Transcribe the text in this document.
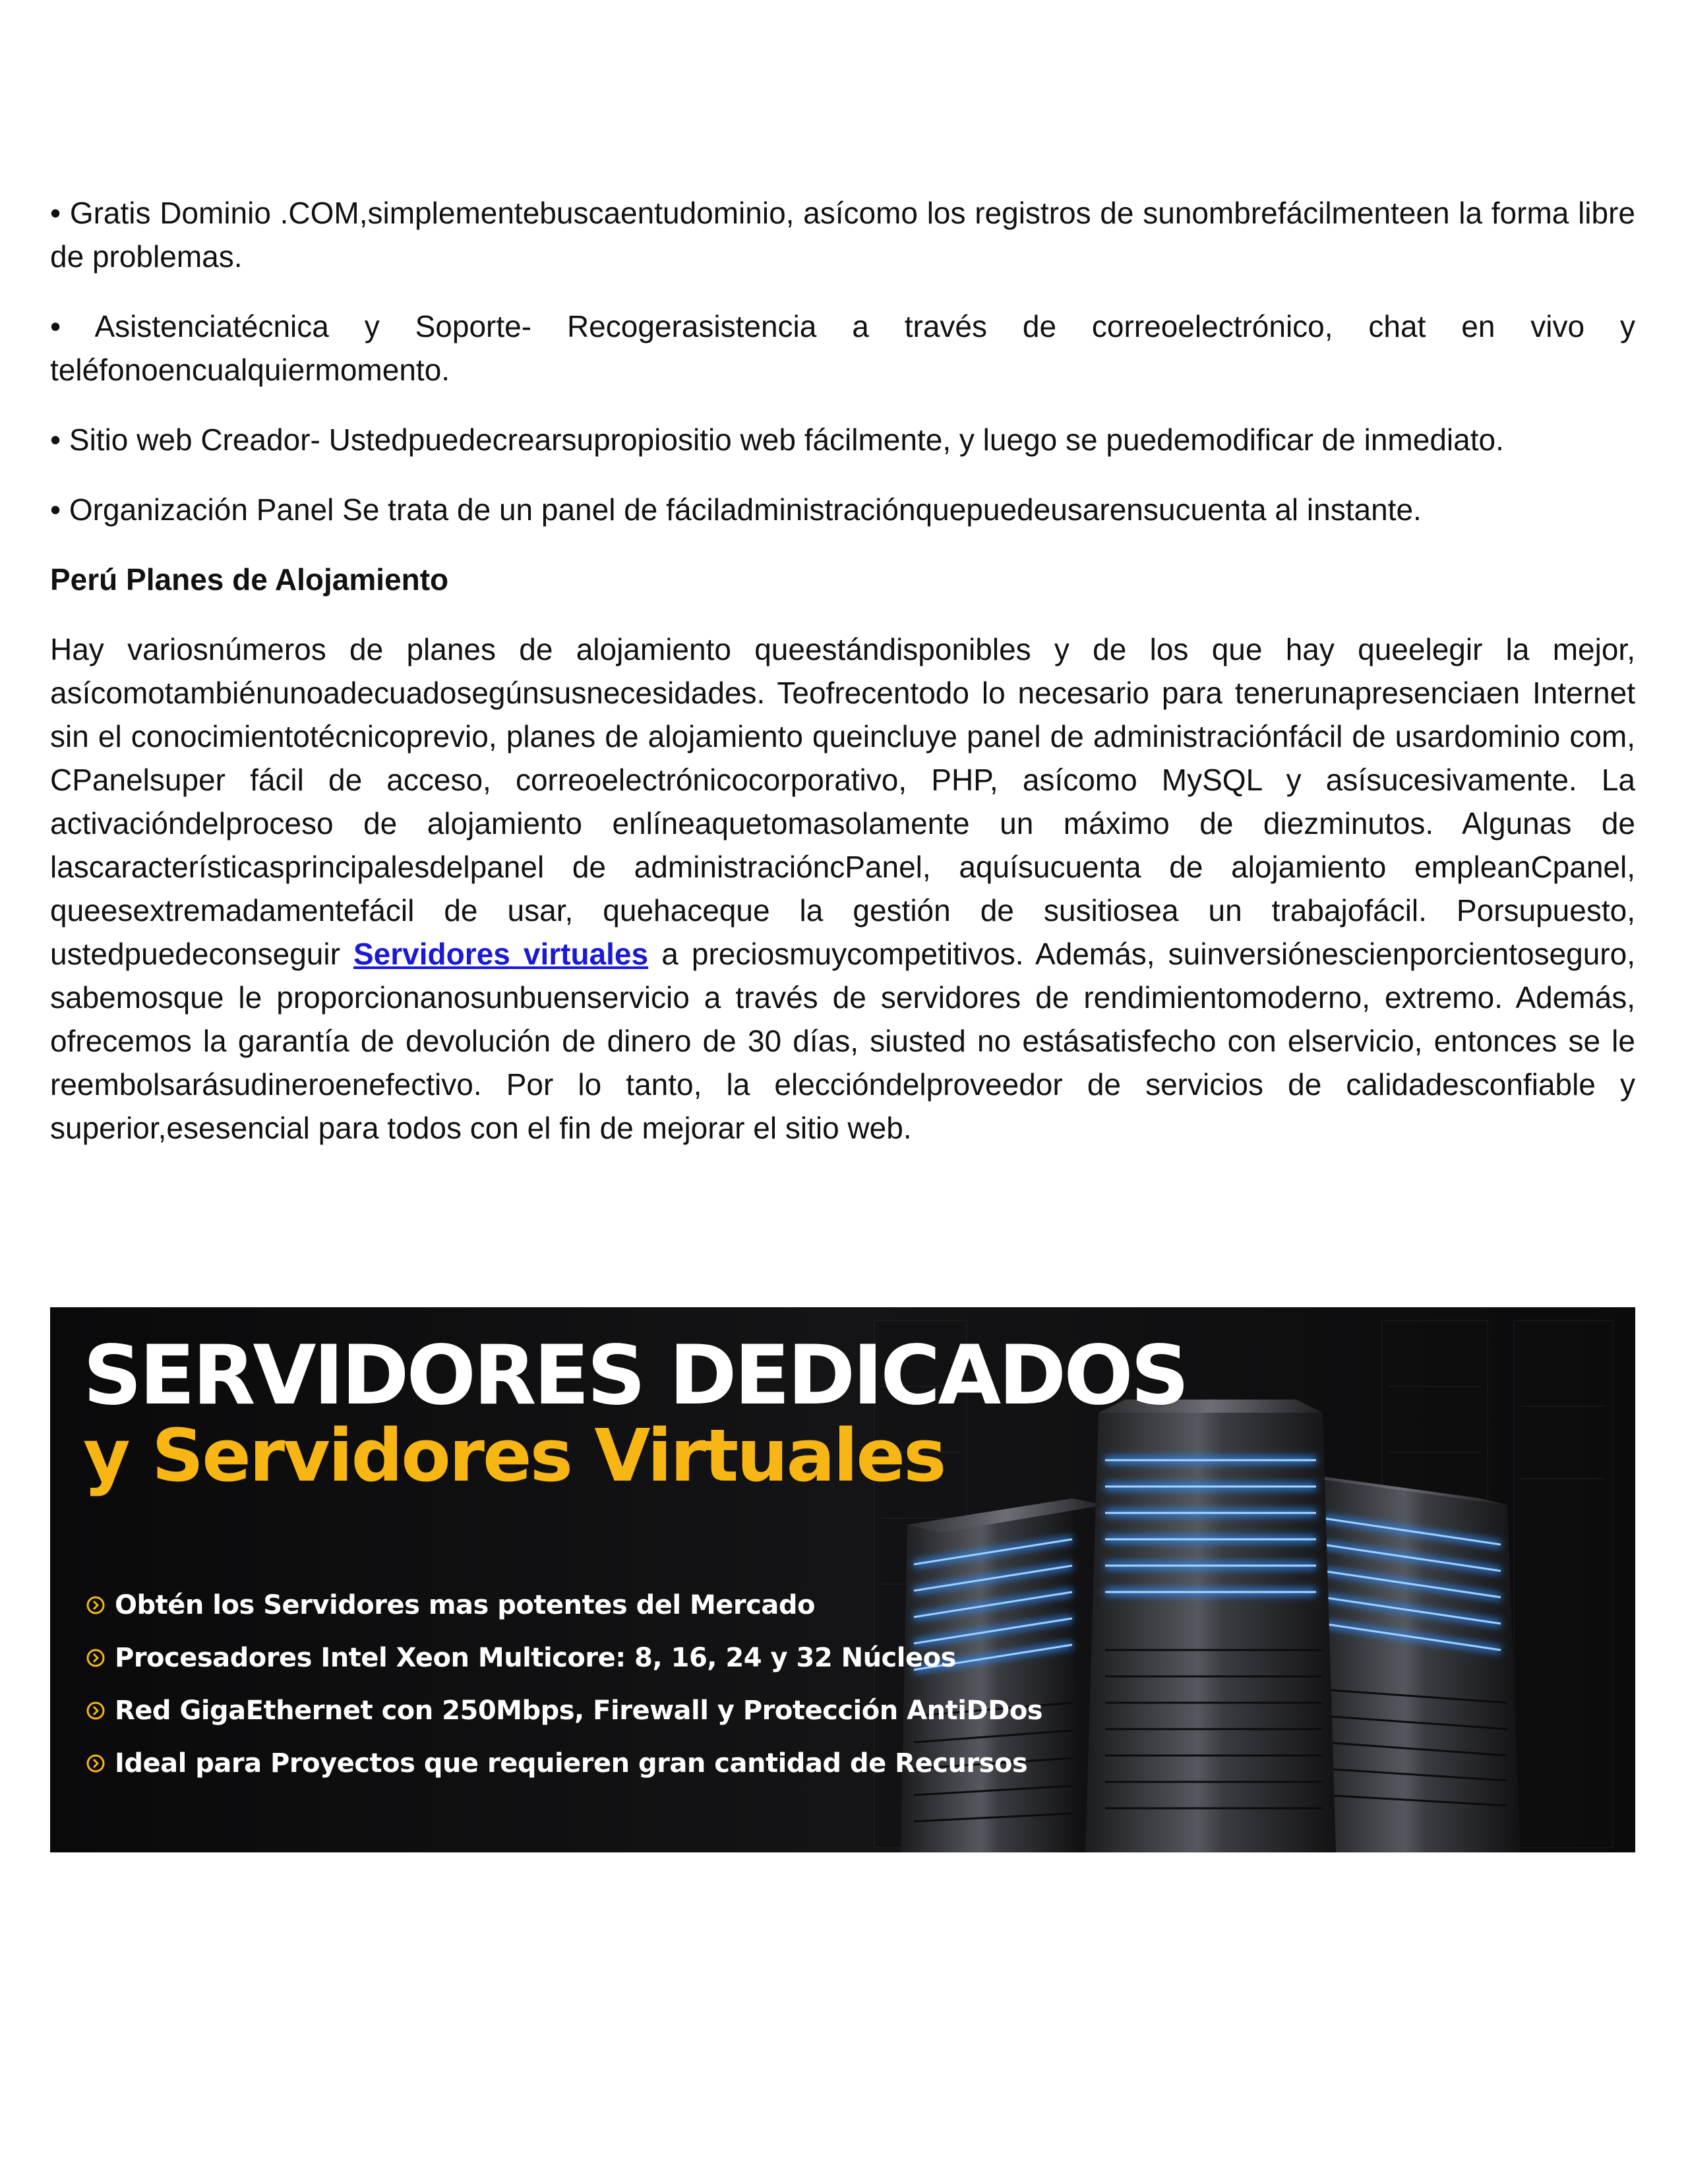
• Gratis Dominio .COM,simplementebuscaentudominio, asícomo los registros de sunombrefácilmenteen la forma libre de problemas.

• Asistenciatécnica y Soporte- Recogerasistencia a través de correoelectrónico, chat en vivo y teléfonoencualquiermomento.

• Sitio web Creador- Ustedpuedecrearsupropiositio web fácilmente, y luego se puedemodificar de inmediato.

• Organización Panel Se trata de un panel de fáciladministraciónquepuedeusarensucuenta al instante.

Perú Planes de Alojamiento

Hay variosnúmeros de planes de alojamiento queestándisponibles y de los que hay queelegir la mejor, asícomotambiénunoadecuadosegúnsusnecesidades. Teofrecentodo lo necesario para tenerunapresenciaen Internet sin el conocimientotécnicoprevio, planes de alojamiento queincluye panel de administraciónfácil de usardominio com, CPanelsuper fácil de acceso, correoelectrónicocorporativo, PHP, asícomo MySQL y asísucesivamente. La activacióndelproceso de alojamiento enlíneaquetomasolamente un máximo de diezminutos. Algunas de lascaracterísticasprincipalesdelpanel de administracióncPanel, aquísucuenta de alojamiento empleanCpanel, queesextremadamentefácil de usar, quehaceque la gestión de susitiosea un trabajofácil. Porsupuesto, ustedpuedeconseguir Servidores virtuales a preciosmuycompetitivos. Además, suinversiónescienporcientoseguro, sabemosque le proporcionanosunbuenservicio a través de servidores de rendimientomoderno, extremo. Además, ofrecemos la garantía de devolución de dinero de 30 días, siusted no estásatisfecho con elservicio, entonces se le reembolsarásudineroenefectivo. Por lo tanto, la eleccióndelproveedor de servicios de calidadesconfiable y superior,esesencial para todos con el fin de mejorar el sitio web.

SERVIDORES DEDICADOS
y Servidores Virtuales
Obtén los Servidores mas potentes del Mercado
Procesadores Intel Xeon Multicore: 8, 16, 24 y 32 Núcleos
Red GigaEthernet con 250Mbps, Firewall y Protección AntiDDos
Ideal para Proyectos que requieren gran cantidad de Recursos
